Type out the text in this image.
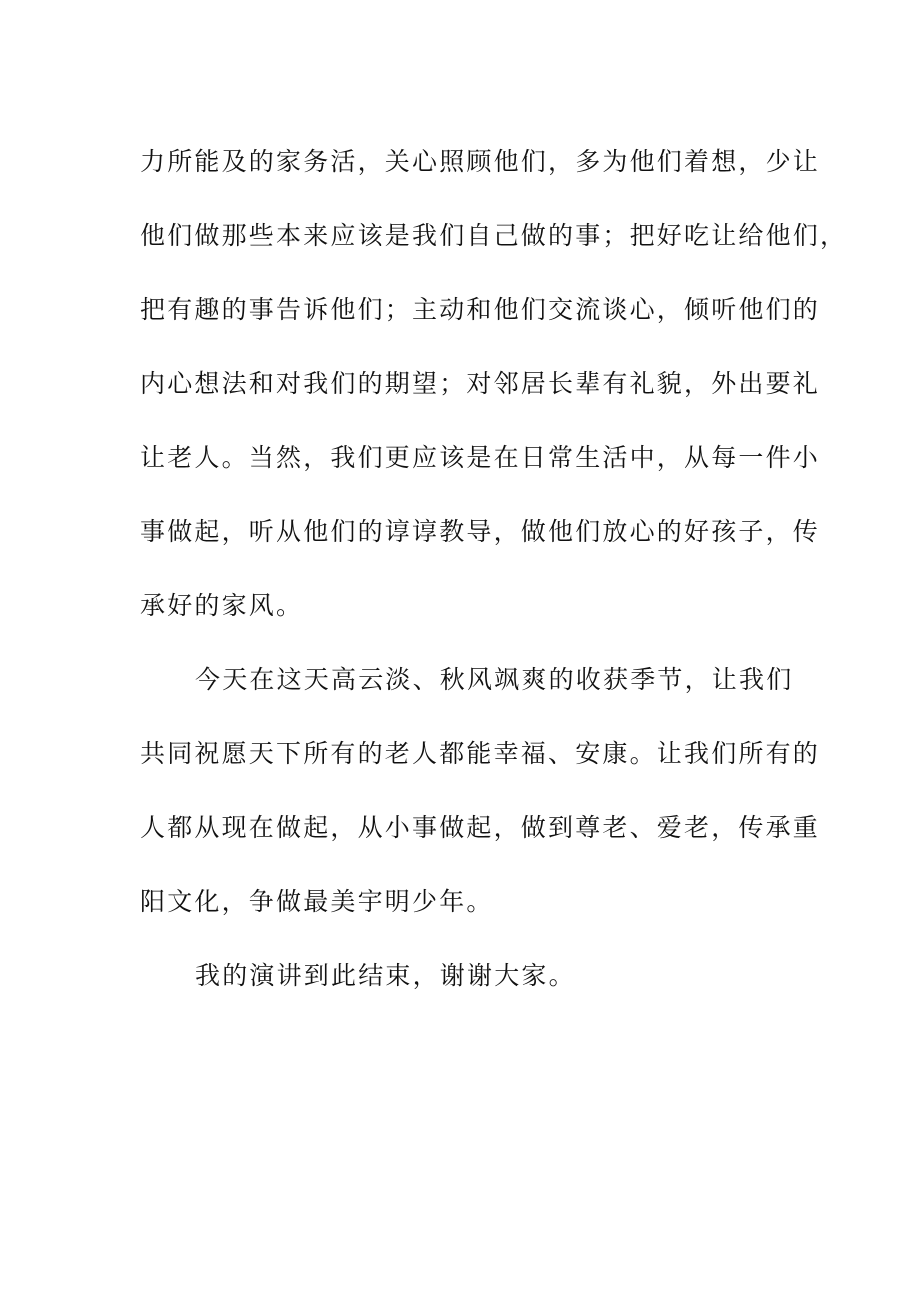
力所能及的家务活，关心照顾他们，多为他们着想，少让
他们做那些本来应该是我们自己做的事；把好吃让给他们，
把有趣的事告诉他们；主动和他们交流谈心，倾听他们的
内心想法和对我们的期望；对邻居长辈有礼貌，外出要礼
让老人。当然，我们更应该是在日常生活中，从每一件小
事做起，听从他们的谆谆教导，做他们放心的好孩子，传
承好的家风。
今天在这天高云淡、秋风飒爽的收获季节，让我们
共同祝愿天下所有的老人都能幸福、安康。让我们所有的
人都从现在做起，从小事做起，做到尊老、爱老，传承重
阳文化，争做最美宇明少年。
我的演讲到此结束，谢谢大家。
